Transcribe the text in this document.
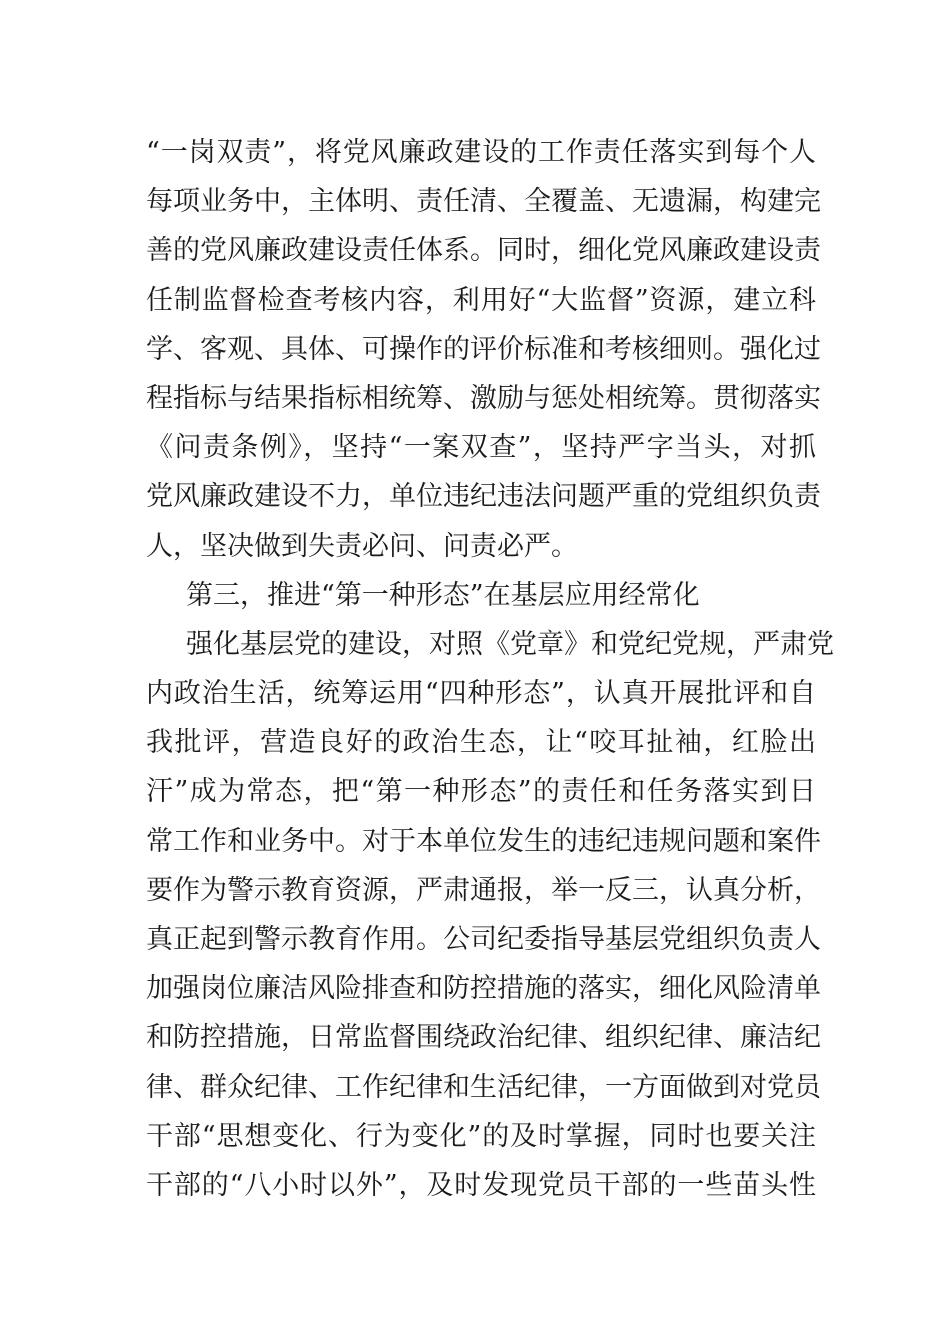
“一岗双责”，将党风廉政建设的工作责任落实到每个人
每项业务中，主体明、责任清、全覆盖、无遗漏，构建完
善的党风廉政建设责任体系。同时，细化党风廉政建设责
任制监督检查考核内容，利用好“大监督”资源，建立科
学、客观、具体、可操作的评价标准和考核细则。强化过
程指标与结果指标相统筹、激励与惩处相统筹。贯彻落实
《问责条例》，坚持“一案双查”，坚持严字当头，对抓
党风廉政建设不力，单位违纪违法问题严重的党组织负责
人，坚决做到失责必问、问责必严。
第三，推进“第一种形态”在基层应用经常化
强化基层党的建设，对照《党章》和党纪党规，严肃党
内政治生活，统筹运用“四种形态”，认真开展批评和自
我批评，营造良好的政治生态，让“咬耳扯袖，红脸出
汗”成为常态，把“第一种形态”的责任和任务落实到日
常工作和业务中。对于本单位发生的违纪违规问题和案件
要作为警示教育资源，严肃通报，举一反三，认真分析，
真正起到警示教育作用。公司纪委指导基层党组织负责人
加强岗位廉洁风险排查和防控措施的落实，细化风险清单
和防控措施，日常监督围绕政治纪律、组织纪律、廉洁纪
律、群众纪律、工作纪律和生活纪律，一方面做到对党员
干部“思想变化、行为变化”的及时掌握，同时也要关注
干部的“八小时以外”，及时发现党员干部的一些苗头性
